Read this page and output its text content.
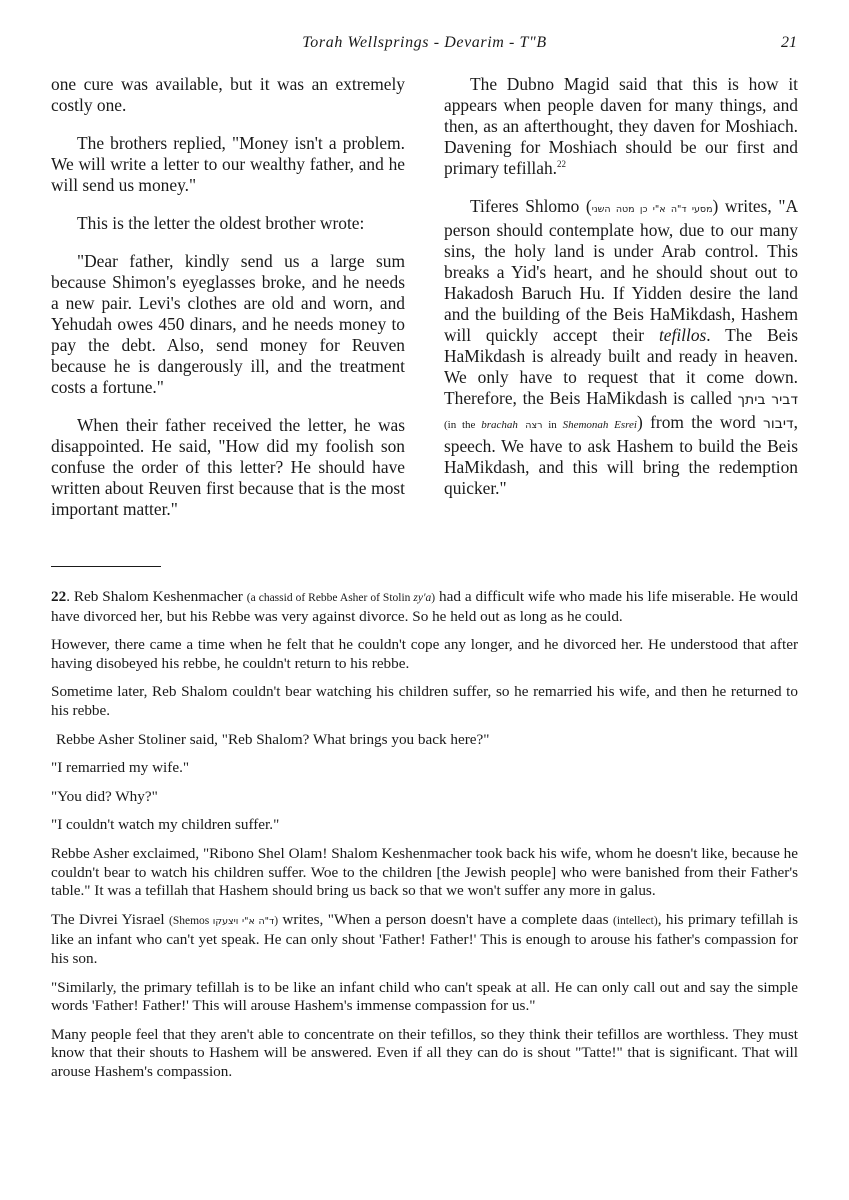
Torah Wellsprings - Devarim - T"B	21

one cure was available, but it was an extremely costly one.

The brothers replied, "Money isn't a problem. We will write a letter to our wealthy father, and he will send us money."

This is the letter the oldest brother wrote:

"Dear father, kindly send us a large sum because Shimon's eyeglasses broke, and he needs a new pair. Levi's clothes are old and worn, and Yehudah owes 450 dinars, and he needs money to pay the debt. Also, send money for Reuven because he is dangerously ill, and the treatment costs a fortune."

When their father received the letter, he was disappointed. He said, "How did my foolish son confuse the order of this letter? He should have written about Reuven first because that is the most important matter."

The Dubno Magid said that this is how it appears when people daven for many things, and then, as an afterthought, they daven for Moshiach. Davening for Moshiach should be our first and primary tefillah.$^{22}$

Tiferes Shlomo (מסעי ד"ה א"י כן מטה השני) writes, "A person should contemplate how, due to our many sins, the holy land is under Arab control. This breaks a Yid's heart, and he should shout out to Hakadosh Baruch Hu. If Yidden desire the land and the building of the Beis HaMikdash, Hashem will quickly accept their tefillos. The Beis HaMikdash is already built and ready in heaven. We only have to request that it come down. Therefore, the Beis HaMikdash is called דביר ביתך (in the brachah רצה in Shemonah Esrei) from the word דיבור, speech. We have to ask Hashem to build the Beis HaMikdash, and this will bring the redemption quicker."

22. Reb Shalom Keshenmacher (a chassid of Rebbe Asher of Stolin zy'a) had a difficult wife who made his life miserable. He would have divorced her, but his Rebbe was very against divorce. So he held out as long as he could.

However, there came a time when he felt that he couldn't cope any longer, and he divorced her. He understood that after having disobeyed his rebbe, he couldn't return to his rebbe.

Sometime later, Reb Shalom couldn't bear watching his children suffer, so he remarried his wife, and then he returned to his rebbe.

Rebbe Asher Stoliner said, "Reb Shalom? What brings you back here?"

"I remarried my wife."

"You did? Why?"

"I couldn't watch my children suffer."

Rebbe Asher exclaimed, "Ribono Shel Olam! Shalom Keshenmacher took back his wife, whom he doesn't like, because he couldn't bear to watch his children suffer. Woe to the children [the Jewish people] who were banished from their Father's table." It was a tefillah that Hashem should bring us back so that we won't suffer any more in galus.

The Divrei Yisrael (Shemos ד"ה א"י ויצעקו) writes, "When a person doesn't have a complete daas (intellect), his primary tefillah is like an infant who can't yet speak. He can only shout 'Father! Father!' This is enough to arouse his father's compassion for his son.

"Similarly, the primary tefillah is to be like an infant child who can't speak at all. He can only call out and say the simple words 'Father! Father!' This will arouse Hashem's immense compassion for us."

Many people feel that they aren't able to concentrate on their tefillos, so they think their tefillos are worthless. They must know that their shouts to Hashem will be answered. Even if all they can do is shout "Tatte!" that is significant. That will arouse Hashem's compassion.
